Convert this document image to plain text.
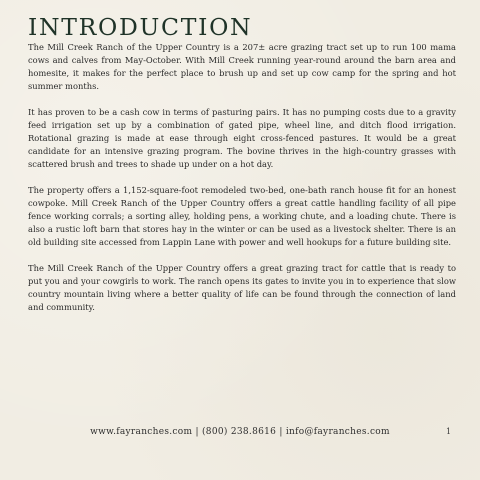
INTRODUCTION

The Mill Creek Ranch of the Upper Country is a 207± acre grazing tract set up to run 100 mama cows and calves from May-October. With Mill Creek running year-round around the barn area and homesite, it makes for the perfect place to brush up and set up cow camp for the spring and hot summer months.

It has proven to be a cash cow in terms of pasturing pairs. It has no pumping costs due to a gravity feed irrigation set up by a combination of gated pipe, wheel line, and ditch flood irrigation. Rotational grazing is made at ease through eight cross-fenced pastures. It would be a great candidate for an intensive grazing program. The bovine thrives in the high-country grasses with scattered brush and trees to shade up under on a hot day.

The property offers a 1,152-square-foot remodeled two-bed, one-bath ranch house fit for an honest cowpoke. Mill Creek Ranch of the Upper Country offers a great cattle handling facility of all pipe fence working corrals; a sorting alley, holding pens, a working chute, and a loading chute. There is also a rustic loft barn that stores hay in the winter or can be used as a livestock shelter. There is an old building site accessed from Lappin Lane with power and well hookups for a future building site.

The Mill Creek Ranch of the Upper Country offers a great grazing tract for cattle that is ready to put you and your cowgirls to work. The ranch opens its gates to invite you in to experience that slow country mountain living where a better quality of life can be found through the connection of land and community.

www.fayranches.com | (800) 238.8616 | info@fayranches.com	1
